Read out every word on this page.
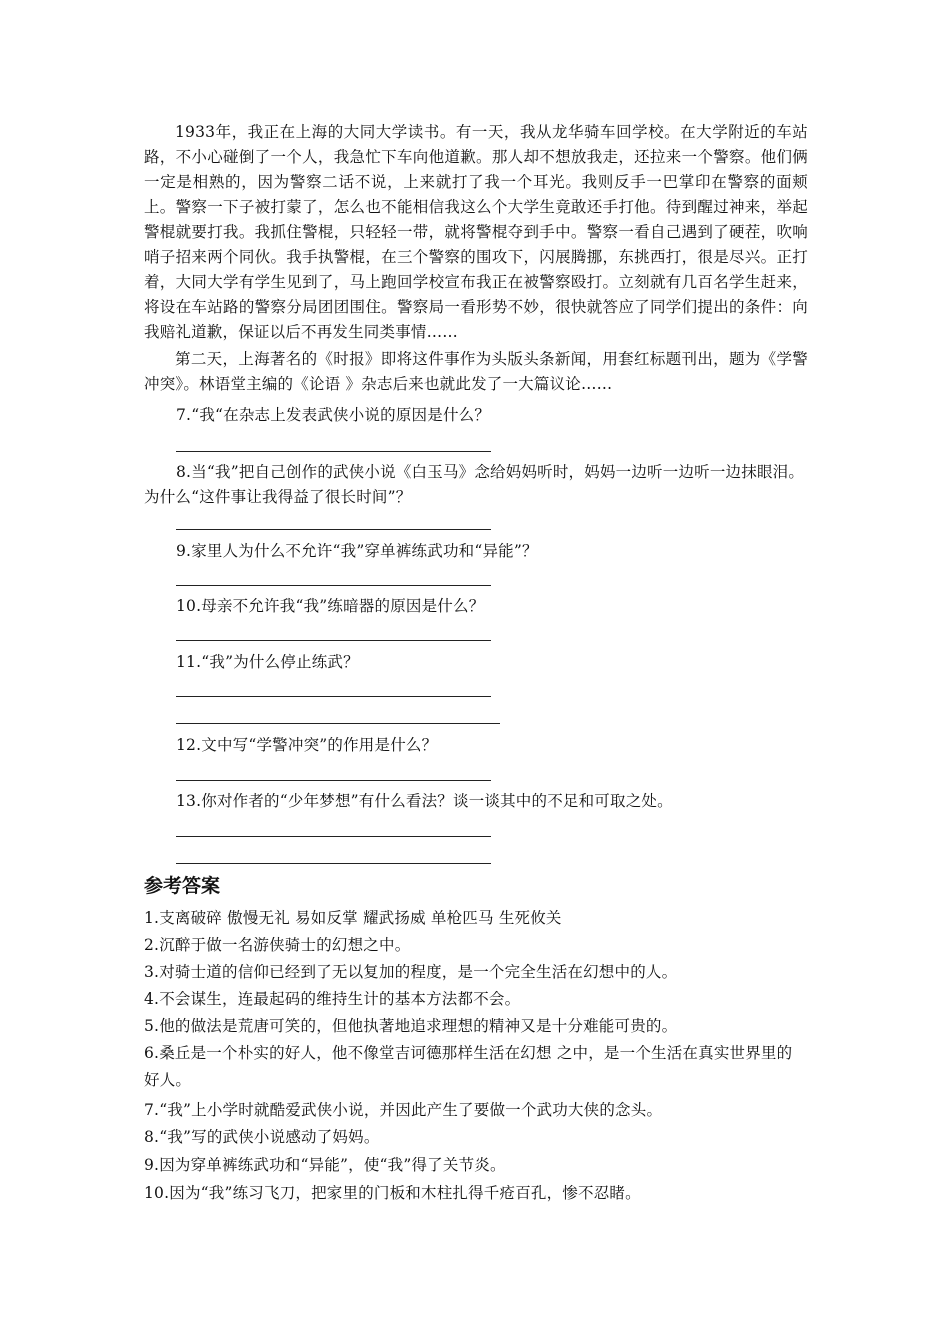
1933年，我正在上海的大同大学读书。有一天，我从龙华骑车回学校。在大学附近的车站路，不小心碰倒了一个人，我急忙下车向他道歉。那人却不想放我走，还拉来一个警察。他们俩一定是相熟的，因为警察二话不说，上来就打了我一个耳光。我则反手一巴掌印在警察的面颊上。警察一下子被打蒙了，怎么也不能相信我这么个大学生竟敢还手打他。待到醒过神来，举起警棍就要打我。我抓住警棍，只轻轻一带，就将警棍夺到手中。警察一看自己遇到了硬茬，吹响哨子招来两个同伙。我手执警棍，在三个警察的围攻下，闪展腾挪，东挑西打，很是尽兴。正打着，大同大学有学生见到了，马上跑回学校宣布我正在被警察殴打。立刻就有几百名学生赶来，将设在车站路的警察分局团团围住。警察局一看形势不妙，很快就答应了同学们提出的条件：向我赔礼道歉，保证以后不再发生同类事情……

第二天，上海著名的《时报》即将这件事作为头版头条新闻，用套红标题刊出，题为《学警冲突》。林语堂主编的《论语 》杂志后来也就此发了一大篇议论……

7.“我“在杂志上发表武侠小说的原因是什么？

8.当“我”把自己创作的武侠小说《白玉马》念给妈妈听时，妈妈一边听一边听一边抹眼泪。为什么“这件事让我得益了很长时间”？

9.家里人为什么不允许“我”穿单裤练武功和“异能”？

10.母亲不允许我“我”练暗器的原因是什么？

11.“我”为什么停止练武？

12.文中写“学警冲突”的作用是什么？

13.你对作者的“少年梦想”有什么看法？谈一谈其中的不足和可取之处。

参考答案

1.支离破碎 傲慢无礼 易如反掌 耀武扬威 单枪匹马 生死攸关

2.沉醉于做一名游侠骑士的幻想之中。

3.对骑士道的信仰已经到了无以复加的程度，是一个完全生活在幻想中的人。

4.不会谋生，连最起码的维持生计的基本方法都不会。

5.他的做法是荒唐可笑的，但他执著地追求理想的精神又是十分难能可贵的。

6.桑丘是一个朴实的好人，他不像堂吉诃德那样生活在幻想 之中，是一个生活在真实世界里的好人。

7.“我”上小学时就酷爱武侠小说，并因此产生了要做一个武功大侠的念头。

8.“我”写的武侠小说感动了妈妈。

9.因为穿单裤练武功和“异能”，使“我”得了关节炎。

10.因为“我”练习飞刀，把家里的门板和木柱扎得千疮百孔，惨不忍睹。
